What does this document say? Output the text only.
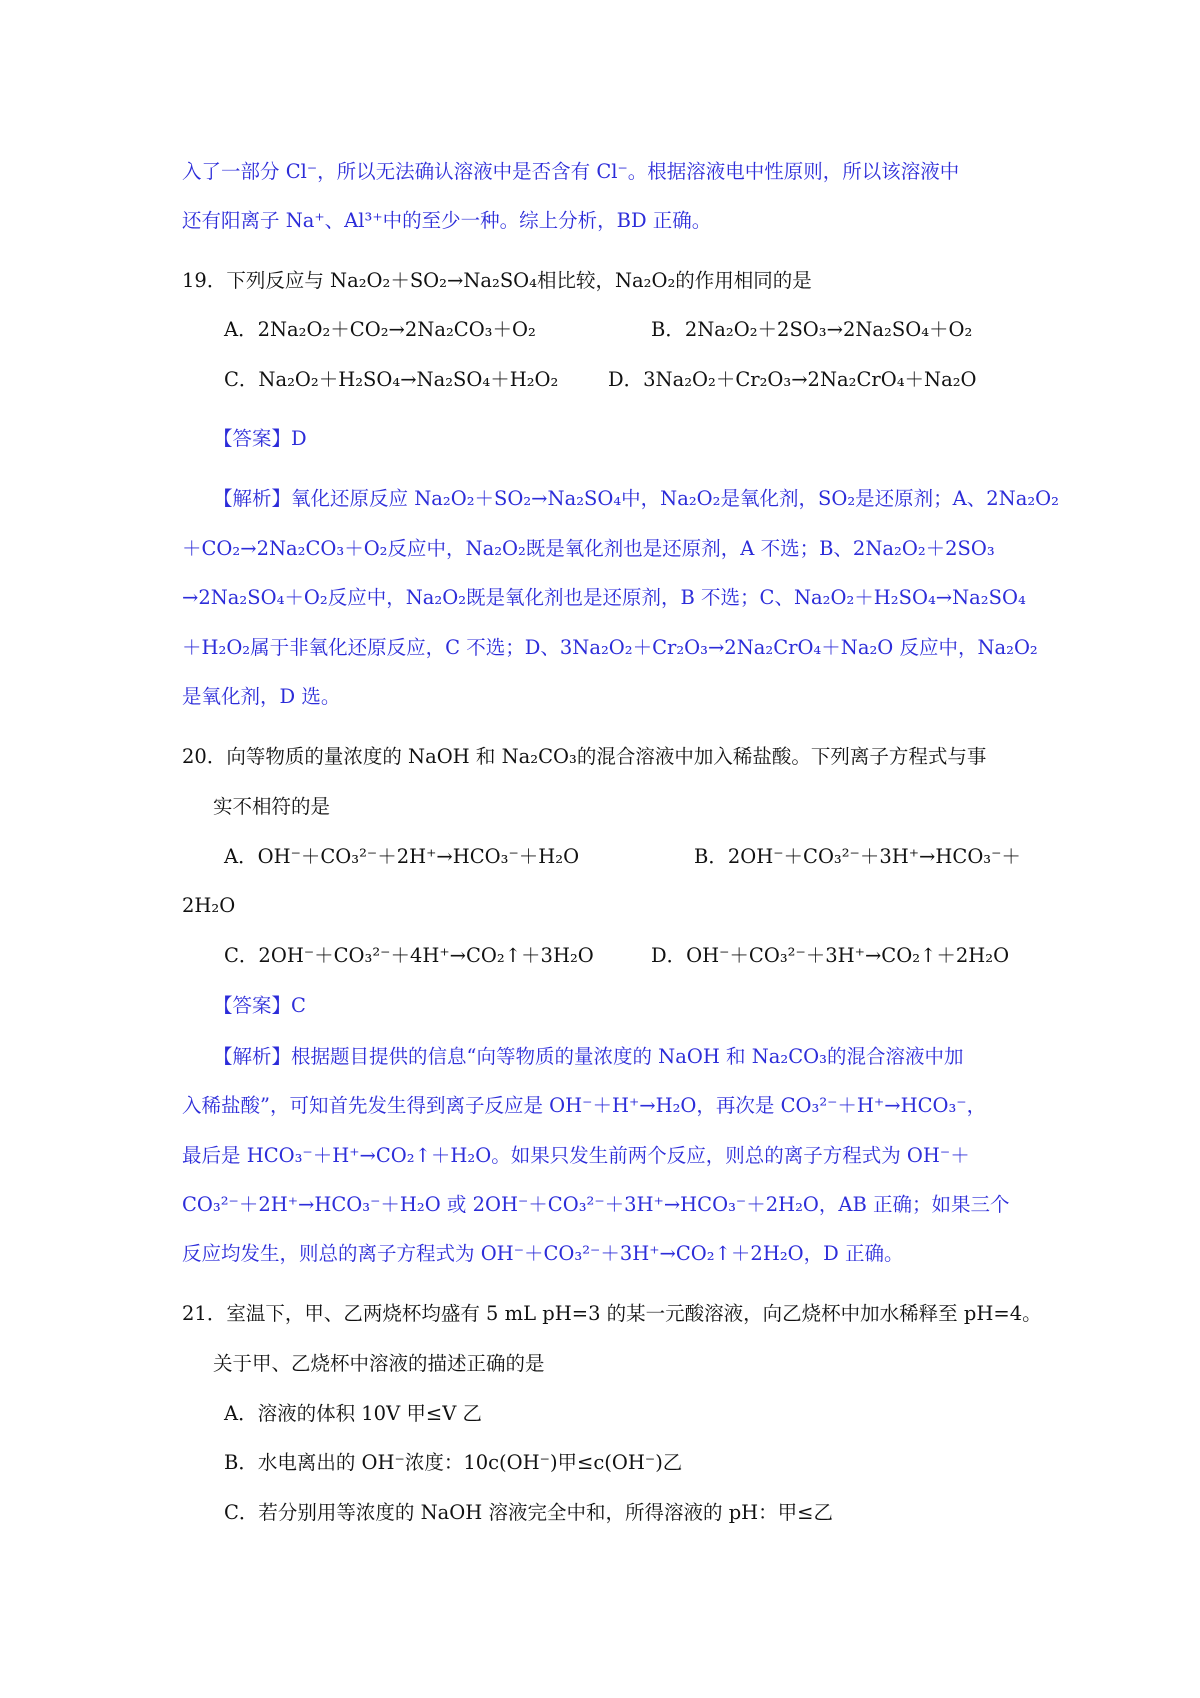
入了一部分 Cl⁻，所以无法确认溶液中是否含有 Cl⁻。根据溶液电中性原则，所以该溶液中
还有阳离子 Na⁺、Al³⁺中的至少一种。综上分析，BD 正确。
19．下列反应与 Na₂O₂＋SO₂→Na₂SO₄相比较，Na₂O₂的作用相同的是
A．2Na₂O₂＋CO₂→2Na₂CO₃＋O₂	B．2Na₂O₂＋2SO₃→2Na₂SO₄＋O₂
C．Na₂O₂＋H₂SO₄→Na₂SO₄＋H₂O₂	D．3Na₂O₂＋Cr₂O₃→2Na₂CrO₄＋Na₂O
【答案】D
【解析】氧化还原反应 Na₂O₂＋SO₂→Na₂SO₄中，Na₂O₂是氧化剂，SO₂是还原剂；A、2Na₂O₂
＋CO₂→2Na₂CO₃＋O₂反应中，Na₂O₂既是氧化剂也是还原剂，A 不选；B、2Na₂O₂＋2SO₃
→2Na₂SO₄＋O₂反应中，Na₂O₂既是氧化剂也是还原剂，B 不选；C、Na₂O₂＋H₂SO₄→Na₂SO₄
＋H₂O₂属于非氧化还原反应，C 不选；D、3Na₂O₂＋Cr₂O₃→2Na₂CrO₄＋Na₂O 反应中，Na₂O₂
是氧化剂，D 选。
20．向等物质的量浓度的 NaOH 和 Na₂CO₃的混合溶液中加入稀盐酸。下列离子方程式与事
实不相符的是
A．OH⁻＋CO₃²⁻＋2H⁺→HCO₃⁻＋H₂O	B．2OH⁻＋CO₃²⁻＋3H⁺→HCO₃⁻＋
2H₂O
C．2OH⁻＋CO₃²⁻＋4H⁺→CO₂↑＋3H₂O	D．OH⁻＋CO₃²⁻＋3H⁺→CO₂↑＋2H₂O
【答案】C
【解析】根据题目提供的信息“向等物质的量浓度的 NaOH 和 Na₂CO₃的混合溶液中加
入稀盐酸”，可知首先发生得到离子反应是 OH⁻＋H⁺→H₂O，再次是 CO₃²⁻＋H⁺→HCO₃⁻，
最后是 HCO₃⁻＋H⁺→CO₂↑＋H₂O。如果只发生前两个反应，则总的离子方程式为 OH⁻＋
CO₃²⁻＋2H⁺→HCO₃⁻＋H₂O 或 2OH⁻＋CO₃²⁻＋3H⁺→HCO₃⁻＋2H₂O，AB 正确；如果三个
反应均发生，则总的离子方程式为 OH⁻＋CO₃²⁻＋3H⁺→CO₂↑＋2H₂O，D 正确。
21．室温下，甲、乙两烧杯均盛有 5 mL pH=3 的某一元酸溶液，向乙烧杯中加水稀释至 pH=4。
关于甲、乙烧杯中溶液的描述正确的是
A．溶液的体积 10V 甲≤V 乙
B．水电离出的 OH⁻浓度：10c(OH⁻)甲≤c(OH⁻)乙
C．若分别用等浓度的 NaOH 溶液完全中和，所得溶液的 pH：甲≤乙
